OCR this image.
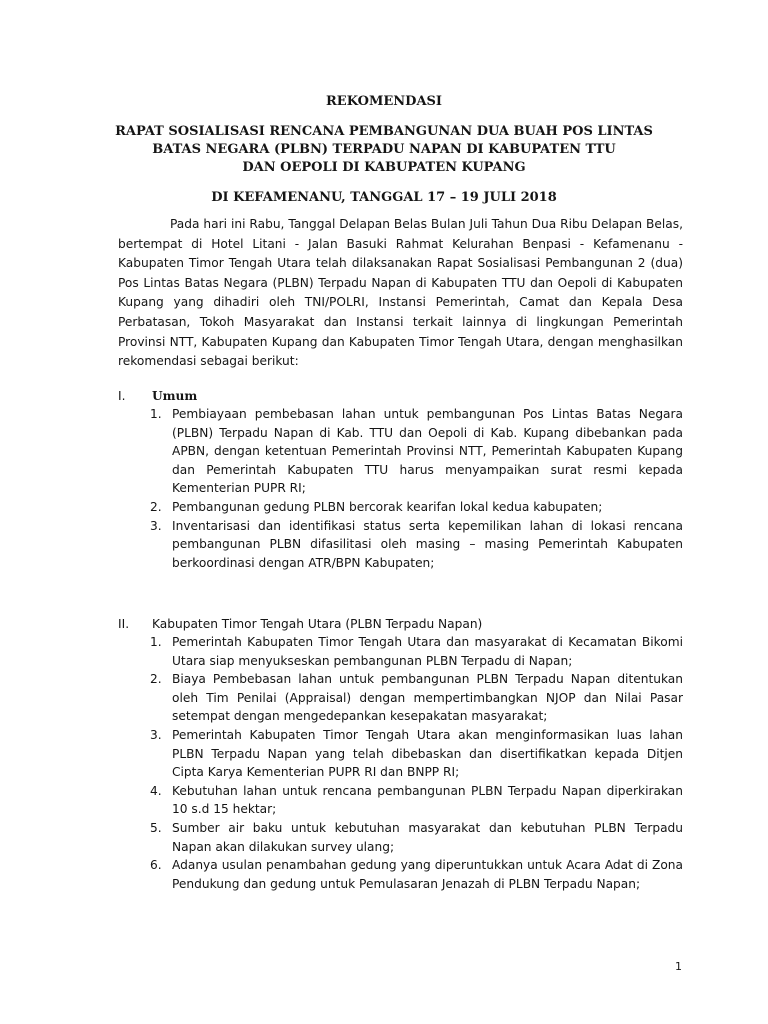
REKOMENDASI

RAPAT SOSIALISASI RENCANA PEMBANGUNAN DUA BUAH POS LINTAS

BATAS NEGARA (PLBN) TERPADU NAPAN DI KABUPATEN TTU

DAN OEPOLI DI KABUPATEN KUPANG

DI KEFAMENANU, TANGGAL 17 – 19 JULI 2018

Pada hari ini Rabu, Tanggal Delapan Belas Bulan Juli Tahun Dua Ribu Delapan Belas, bertempat di Hotel Litani - Jalan Basuki Rahmat Kelurahan Benpasi - Kefamenanu - Kabupaten Timor Tengah Utara telah dilaksanakan Rapat Sosialisasi Pembangunan 2 (dua) Pos Lintas Batas Negara (PLBN) Terpadu Napan di Kabupaten TTU dan Oepoli di Kabupaten Kupang yang dihadiri oleh TNI/POLRI, Instansi Pemerintah, Camat dan Kepala Desa Perbatasan, Tokoh Masyarakat dan Instansi terkait lainnya di lingkungan Pemerintah Provinsi NTT, Kabupaten Kupang dan Kabupaten Timor Tengah Utara, dengan menghasilkan rekomendasi sebagai berikut:

I. Umum
1. Pembiayaan pembebasan lahan untuk pembangunan Pos Lintas Batas Negara (PLBN) Terpadu Napan di Kab. TTU dan Oepoli di Kab. Kupang dibebankan pada APBN, dengan ketentuan Pemerintah Provinsi NTT, Pemerintah Kabupaten Kupang dan Pemerintah Kabupaten TTU harus menyampaikan surat resmi kepada Kementerian PUPR RI;
2. Pembangunan gedung PLBN bercorak kearifan lokal kedua kabupaten;
3. Inventarisasi dan identifikasi status serta kepemilikan lahan di lokasi rencana pembangunan PLBN difasilitasi oleh masing – masing Pemerintah Kabupaten berkoordinasi dengan ATR/BPN Kabupaten;
II. Kabupaten Timor Tengah Utara (PLBN Terpadu Napan)
1. Pemerintah Kabupaten Timor Tengah Utara dan masyarakat di Kecamatan Bikomi Utara siap menyukseskan pembangunan PLBN Terpadu di Napan;
2. Biaya Pembebasan lahan untuk pembangunan PLBN Terpadu Napan ditentukan oleh Tim Penilai (Appraisal) dengan mempertimbangkan NJOP dan Nilai Pasar setempat dengan mengedepankan kesepakatan masyarakat;
3. Pemerintah Kabupaten Timor Tengah Utara akan menginformasikan luas lahan PLBN Terpadu Napan yang telah dibebaskan dan disertifikatkan kepada Ditjen Cipta Karya Kementerian PUPR RI dan BNPP RI;
4. Kebutuhan lahan untuk rencana pembangunan PLBN Terpadu Napan diperkirakan 10 s.d 15 hektar;
5. Sumber air baku untuk kebutuhan masyarakat dan kebutuhan PLBN Terpadu Napan akan dilakukan survey ulang;
6. Adanya usulan penambahan gedung yang diperuntukkan untuk Acara Adat di Zona Pendukung dan gedung untuk Pemulasaran Jenazah di PLBN Terpadu Napan;
1
